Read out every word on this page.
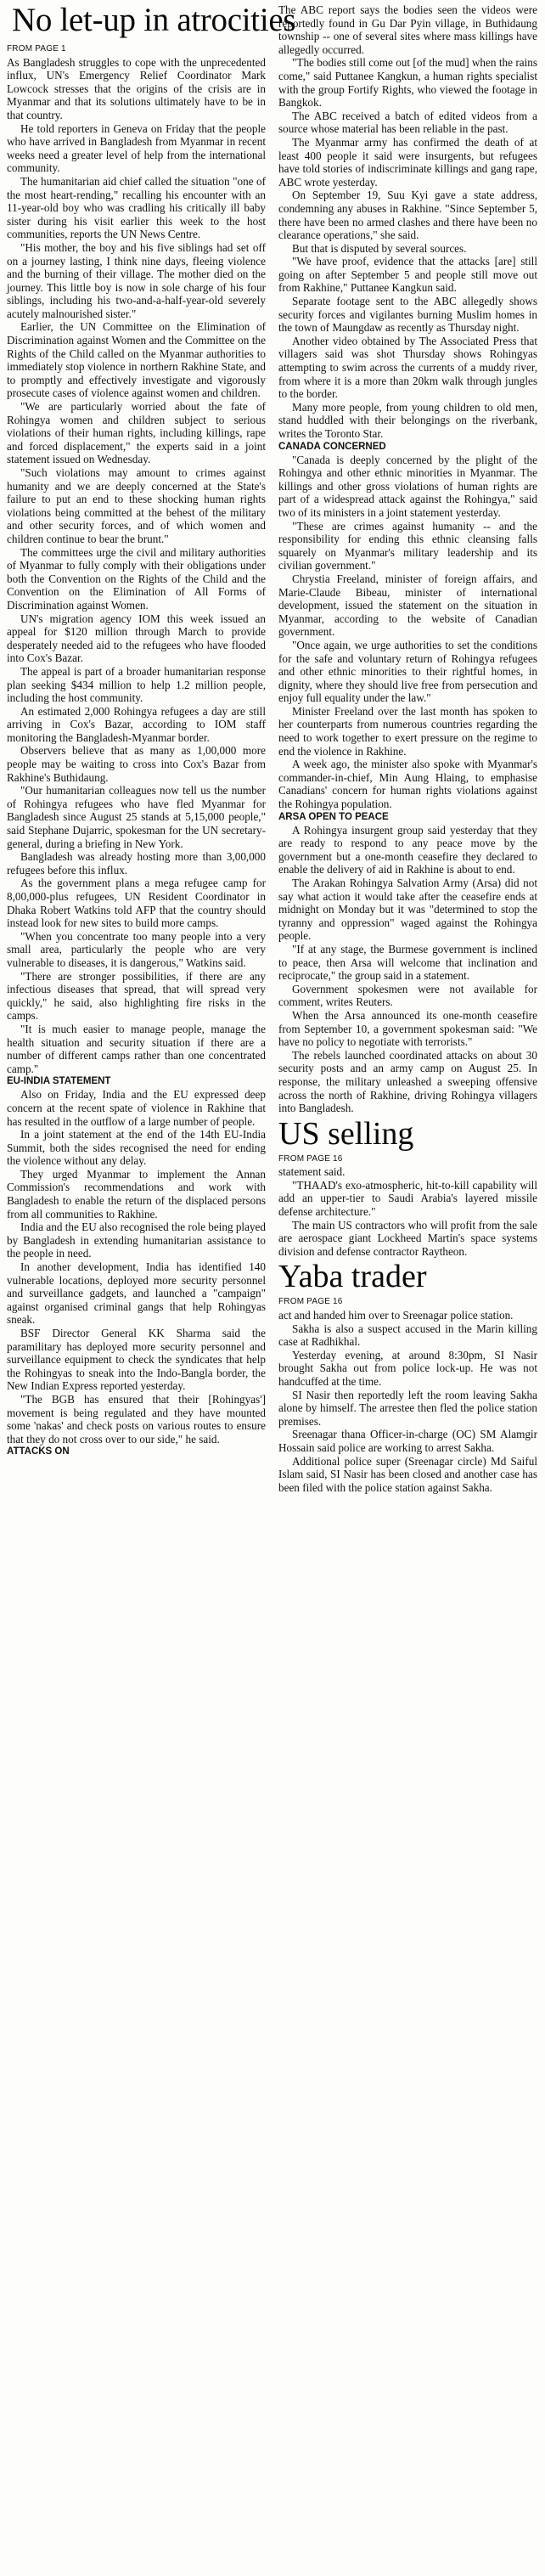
No let-up in atrocities
FROM PAGE 1

As Bangladesh struggles to cope with the unprecedented influx, UN's Emergency Relief Coordinator Mark Lowcock stresses that the origins of the crisis are in Myanmar and that its solutions ultimately have to be in that country.

He told reporters in Geneva on Friday that the people who have arrived in Bangladesh from Myanmar in recent weeks need a greater level of help from the international community.

The humanitarian aid chief called the situation "one of the most heart-rending," recalling his encounter with an 11-year-old boy who was cradling his critically ill baby sister during his visit earlier this week to the host communities, reports the UN News Centre.

"His mother, the boy and his five siblings had set off on a journey lasting, I think nine days, fleeing violence and the burning of their village. The mother died on the journey. This little boy is now in sole charge of his four siblings, including his two-and-a-half-year-old severely acutely malnourished sister."

Earlier, the UN Committee on the Elimination of Discrimination against Women and the Committee on the Rights of the Child called on the Myanmar authorities to immediately stop violence in northern Rakhine State, and to promptly and effectively investigate and vigorously prosecute cases of violence against women and children.

"We are particularly worried about the fate of Rohingya women and children subject to serious violations of their human rights, including killings, rape and forced displacement," the experts said in a joint statement issued on Wednesday.

"Such violations may amount to crimes against humanity and we are deeply concerned at the State's failure to put an end to these shocking human rights violations being committed at the behest of the military and other security forces, and of which women and children continue to bear the brunt."

The committees urge the civil and military authorities of Myanmar to fully comply with their obligations under both the Convention on the Rights of the Child and the Convention on the Elimination of All Forms of Discrimination against Women.

UN's migration agency IOM this week issued an appeal for $120 million through March to provide desperately needed aid to the refugees who have flooded into Cox's Bazar.

The appeal is part of a broader humanitarian response plan seeking $434 million to help 1.2 million people, including the host community.

An estimated 2,000 Rohingya refugees a day are still arriving in Cox's Bazar, according to IOM staff monitoring the Bangladesh-Myanmar border.

Observers believe that as many as 1,00,000 more people may be waiting to cross into Cox's Bazar from Rakhine's Buthidaung.

"Our humanitarian colleagues now tell us the number of Rohingya refugees who have fled Myanmar for Bangladesh since August 25 stands at 5,15,000 people," said Stephane Dujarric, spokesman for the UN secretary-general, during a briefing in New York.

Bangladesh was already hosting more than 3,00,000 refugees before this influx.

As the government plans a mega refugee camp for 8,00,000-plus refugees, UN Resident Coordinator in Dhaka Robert Watkins told AFP that the country should instead look for new sites to build more camps.

"When you concentrate too many people into a very small area, particularly the people who are very vulnerable to diseases, it is dangerous," Watkins said.

"There are stronger possibilities, if there are any infectious diseases that spread, that will spread very quickly," he said, also highlighting fire risks in the camps.

"It is much easier to manage people, manage the health situation and security situation if there are a number of different camps rather than one concentrated camp."

EU-INDIA STATEMENT

Also on Friday, India and the EU expressed deep concern at the recent spate of violence in Rakhine that has resulted in the outflow of a large number of people.

In a joint statement at the end of the 14th EU-India Summit, both the sides recognised the need for ending the violence without any delay.

They urged Myanmar to implement the Annan Commission's recommendations and work with Bangladesh to enable the return of the displaced persons from all communities to Rakhine.

India and the EU also recognised the role being played by Bangladesh in extending humanitarian assistance to the people in need.

In another development, India has identified 140 vulnerable locations, deployed more security personnel and surveillance gadgets, and launched a "campaign" against organised criminal gangs that help Rohingyas sneak.

BSF Director General KK Sharma said the paramilitary has deployed more security personnel and surveillance equipment to check the syndicates that help the Rohingyas to sneak into the Indo-Bangla border, the New Indian Express reported yesterday.

"The BGB has ensured that their [Rohingyas'] movement is being regulated and they have mounted some 'nakas' and check posts on various routes to ensure that they do not cross over to our side," he said.

ATTACKS ON

The ABC report says the bodies seen the videos were reportedly found in Gu Dar Pyin village, in Buthidaung township -- one of several sites where mass killings have allegedly occurred.

"The bodies still come out [of the mud] when the rains come," said Puttanee Kangkun, a human rights specialist with the group Fortify Rights, who viewed the footage in Bangkok.

The ABC received a batch of edited videos from a source whose material has been reliable in the past.

The Myanmar army has confirmed the death of at least 400 people it said were insurgents, but refugees have told stories of indiscriminate killings and gang rape, ABC wrote yesterday.

On September 19, Suu Kyi gave a state address, condemning any abuses in Rakhine. "Since September 5, there have been no armed clashes and there have been no clearance operations," she said.

But that is disputed by several sources.

"We have proof, evidence that the attacks [are] still going on after September 5 and people still move out from Rakhine," Puttanee Kangkun said.

Separate footage sent to the ABC allegedly shows security forces and vigilantes burning Muslim homes in the town of Maungdaw as recently as Thursday night.

Another video obtained by The Associated Press that villagers said was shot Thursday shows Rohingyas attempting to swim across the currents of a muddy river, from where it is a more than 20km walk through jungles to the border.

Many more people, from young children to old men, stand huddled with their belongings on the riverbank, writes the Toronto Star.

CANADA CONCERNED

"Canada is deeply concerned by the plight of the Rohingya and other ethnic minorities in Myanmar. The killings and other gross violations of human rights are part of a widespread attack against the Rohingya," said two of its ministers in a joint statement yesterday.

"These are crimes against humanity -- and the responsibility for ending this ethnic cleansing falls squarely on Myanmar's military leadership and its civilian government."

Chrystia Freeland, minister of foreign affairs, and Marie-Claude Bibeau, minister of international development, issued the statement on the situation in Myanmar, according to the website of Canadian government.

"Once again, we urge authorities to set the conditions for the safe and voluntary return of Rohingya refugees and other ethnic minorities to their rightful homes, in dignity, where they should live free from persecution and enjoy full equality under the law."

Minister Freeland over the last month has spoken to her counterparts from numerous countries regarding the need to work together to exert pressure on the regime to end the violence in Rakhine.

A week ago, the minister also spoke with Myanmar's commander-in-chief, Min Aung Hlaing, to emphasise Canadians' concern for human rights violations against the Rohingya population.

ARSA OPEN TO PEACE

A Rohingya insurgent group said yesterday that they are ready to respond to any peace move by the government but a one-month ceasefire they declared to enable the delivery of aid in Rakhine is about to end.

The Arakan Rohingya Salvation Army (Arsa) did not say what action it would take after the ceasefire ends at midnight on Monday but it was "determined to stop the tyranny and oppression" waged against the Rohingya people.

"If at any stage, the Burmese government is inclined to peace, then Arsa will welcome that inclination and reciprocate," the group said in a statement.

Government spokesmen were not available for comment, writes Reuters.

When the Arsa announced its one-month ceasefire from September 10, a government spokesman said: "We have no policy to negotiate with terrorists."

The rebels launched coordinated attacks on about 30 security posts and an army camp on August 25. In response, the military unleashed a sweeping offensive across the north of Rakhine, driving Rohingya villagers into Bangladesh.

US selling
FROM PAGE 16

statement said.

"THAAD's exo-atmospheric, hit-to-kill capability will add an upper-tier to Saudi Arabia's layered missile defense architecture."

The main US contractors who will profit from the sale are aerospace giant Lockheed Martin's space systems division and defense contractor Raytheon.

Yaba trader
FROM PAGE 16

act and handed him over to Sreenagar police station.

Sakha is also a suspect accused in the Marin killing case at Radhikhal.

Yesterday evening, at around 8:30pm, SI Nasir brought Sakha out from police lock-up. He was not handcuffed at the time.

SI Nasir then reportedly left the room leaving Sakha alone by himself. The arrestee then fled the police station premises.

Sreenagar thana Officer-in-charge (OC) SM Alamgir Hossain said police are working to arrest Sakha.

Additional police super (Sreenagar circle) Md Saiful Islam said, SI Nasir has been closed and another case has been filed with the police station against Sakha.
